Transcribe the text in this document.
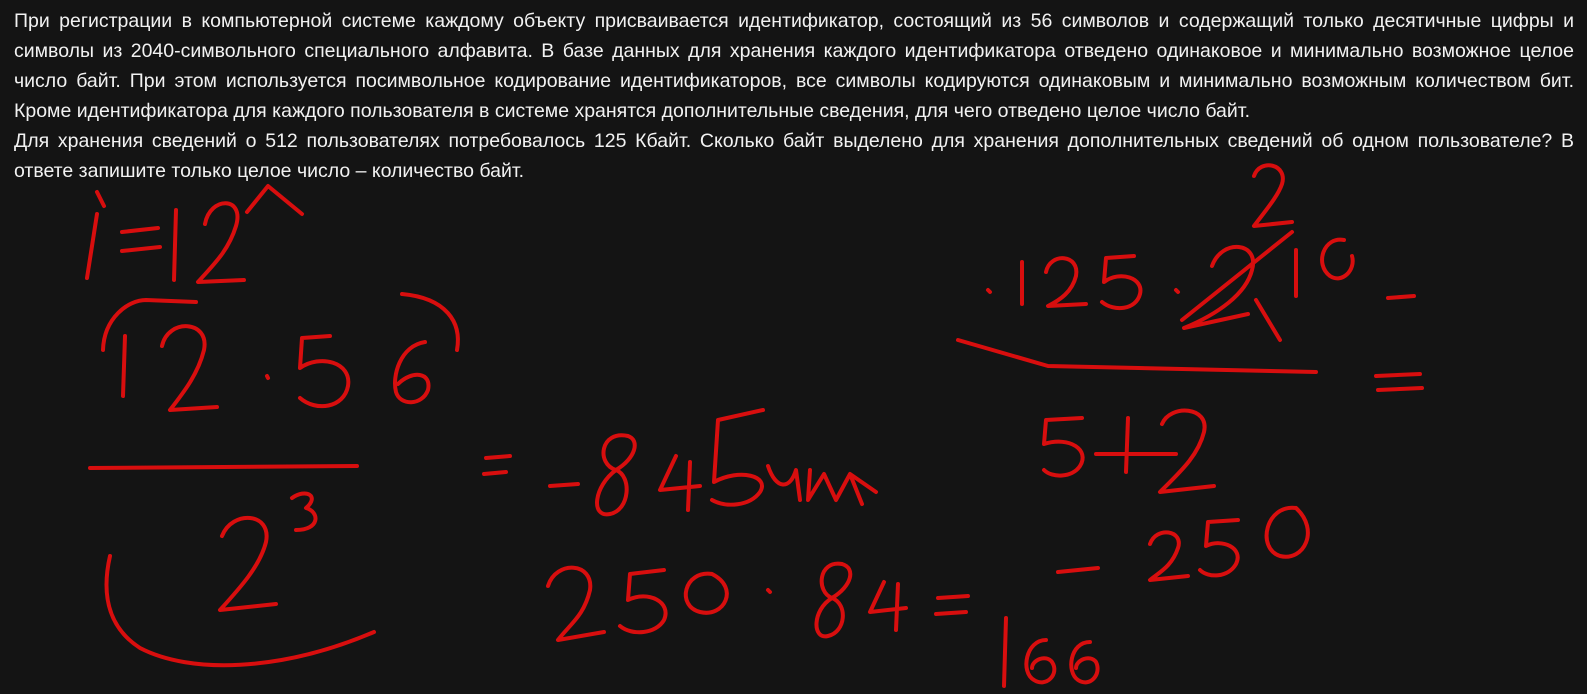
При регистрации в компьютерной системе каждому объекту присваивается идентификатор, состоящий из 56 символов и содержащий только десятичные цифры и символы из 2040-символьного специального алфавита. В базе данных для хранения каждого идентификатора отведено одинаковое и минимально возможное целое число байт. При этом используется посимвольное кодирование идентификаторов, все символы кодируются одинаковым и минимально возможным количеством бит. Кроме идентификатора для каждого пользователя в системе хранятся дополнительные сведения, для чего отведено целое число байт.

Для хранения сведений о 512 пользователях потребовалось 125 Кбайт. Сколько байт выделено для хранения дополнительных сведений об одном пользователе? В ответе запишите только целое число – количество байт.
